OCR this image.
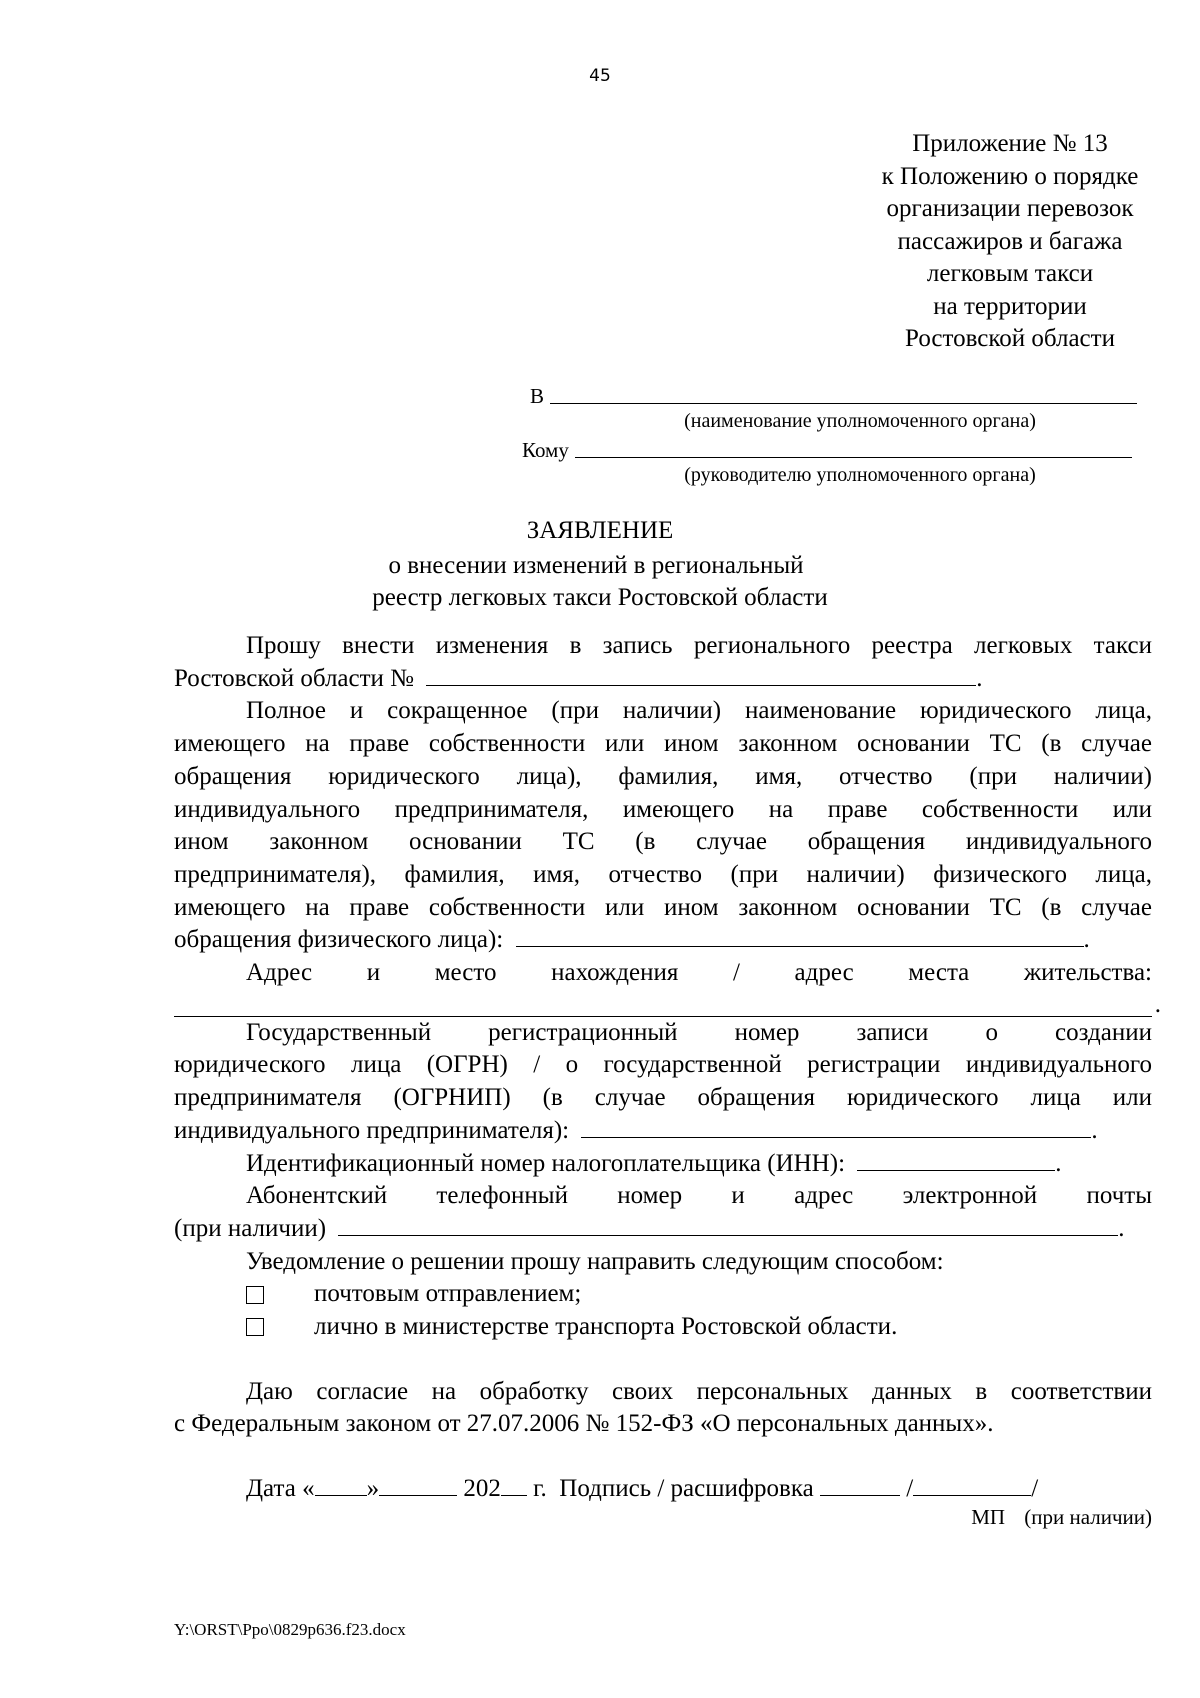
45
Приложение № 13
к Положению о порядке
организации перевозок
пассажиров и багажа
легковым такси
на территории
Ростовской области
В
(наименование уполномоченного органа)
Кому
(руководителю уполномоченного органа)
ЗАЯВЛЕНИЕ
о внесении изменений в региональный
реестр легковых такси Ростовской области
Прошу внести изменения в запись регионального реестра легковых такси
Ростовской области №	.
Полное и сокращенное (при наличии) наименование юридического лица,
имеющего на праве собственности или ином законном основании ТС (в случае
обращения юридического лица), фамилия, имя, отчество (при наличии)
индивидуального предпринимателя, имеющего на праве собственности или
ином законном основании ТС (в случае обращения индивидуального
предпринимателя), фамилия, имя, отчество (при наличии) физического лица,
имеющего на праве собственности или ином законном основании ТС (в случае
обращения физического лица):	.
Адрес и место нахождения / адрес места жительства:
.
Государственный регистрационный номер записи о создании
юридического лица (ОГРН) / о государственной регистрации индивидуального
предпринимателя (ОГРНИП) (в случае обращения юридического лица или
индивидуального предпринимателя):	.
Идентификационный номер налогоплательщика (ИНН):	.
Абонентский телефонный номер и адрес электронной почты
(при наличии)	.
Уведомление о решении прошу направить следующим способом:
почтовым отправлением;
лично в министерстве транспорта Ростовской области.
Даю согласие на обработку своих персональных данных в соответствии
с Федеральным законом от 27.07.2006 № 152-ФЗ «О персональных данных».
Дата « »	202 г. Подпись / расшифровка	/	/
МП (при наличии)
Y:\ORST\Ppo\0829p636.f23.docx
